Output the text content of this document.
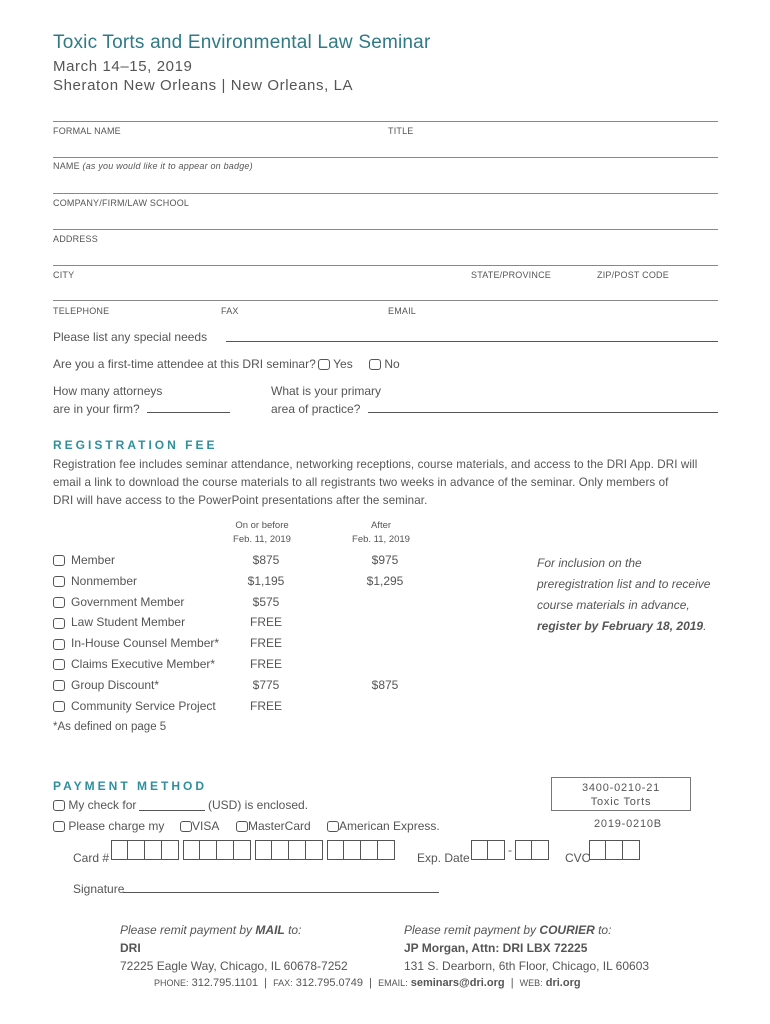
Toxic Torts and Environmental Law Seminar
March 14–15, 2019
Sheraton New Orleans | New Orleans, LA
FORMAL NAME	TITLE
NAME (as you would like it to appear on badge)
COMPANY/FIRM/LAW SCHOOL
ADDRESS
CITY	STATE/PROVINCE	ZIP/POST CODE
TELEPHONE	FAX	EMAIL
Please list any special needs
Are you a first-time attendee at this DRI seminar?	Yes	No
How many attorneys
are in your firm?
What is your primary
area of practice?
REGISTRATION FEE
Registration fee includes seminar attendance, networking receptions, course materials, and access to the DRI App. DRI will
email a link to download the course materials to all registrants two weeks in advance of the seminar. Only members of
DRI will have access to the PowerPoint presentations after the seminar.
On or before
Feb. 11, 2019
After
Feb. 11, 2019
Member	$875	$975
Nonmember	$1,195	$1,295
Government Member	$575
Law Student Member	FREE
In-House Counsel Member*	FREE
Claims Executive Member*	FREE
Group Discount*	$775	$875
Community Service Project	FREE
*As defined on page 5
For inclusion on the
preregistration list and to receive
course materials in advance,
register by February 18, 2019.
PAYMENT METHOD	3400-0210-21
Toxic Torts
2019-0210B
My check for	(USD) is enclosed.
Please charge my	VISA	MasterCard	American Express.
Card #	Exp. Date
-
CVC
Signature
Please remit payment by MAIL to:
DRI
72225 Eagle Way, Chicago, IL 60678-7252
Please remit payment by COURIER to:
JP Morgan, Attn: DRI LBX 72225
131 S. Dearborn, 6th Floor, Chicago, IL 60603
PHONE: 312.795.1101  |  FAX: 312.795.0749  |  EMAIL: seminars@dri.org  |  WEB: dri.org
